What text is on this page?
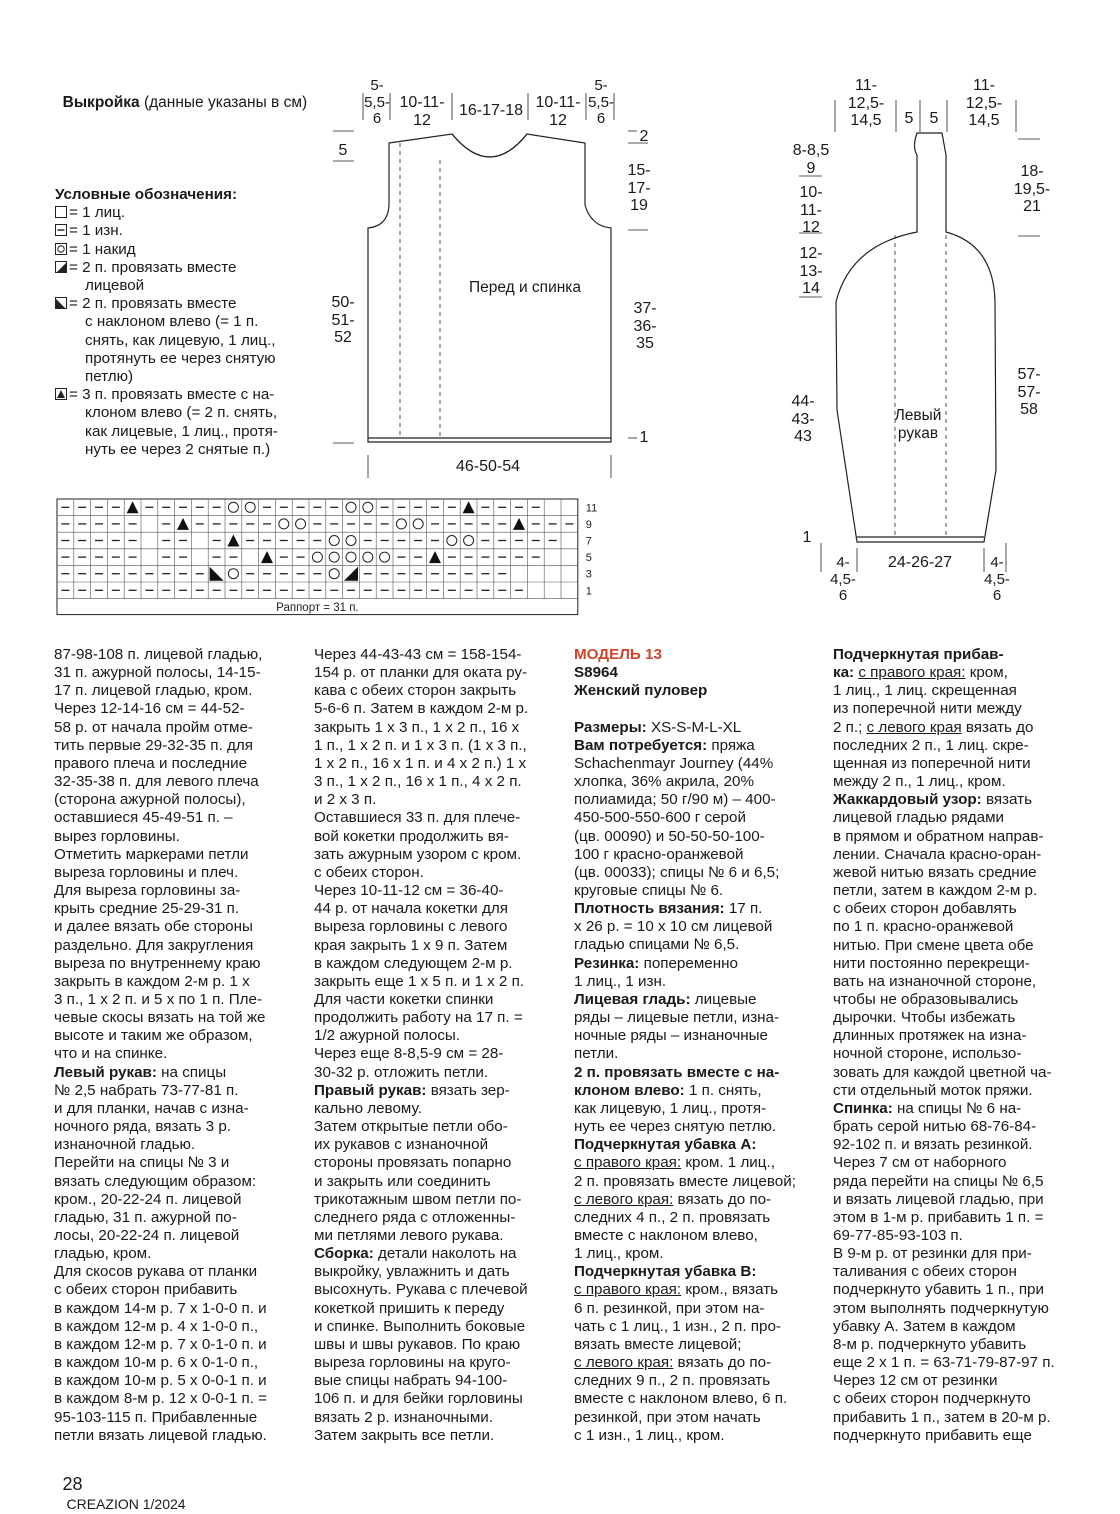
Выкройка (данные указаны в см)

Условные обозначения:

= 1 лиц.

= 1 изн.

= 1 накид

= 2 п. провязать вместе

лицевой

= 2 п. провязать вместе

с наклоном влево (= 1 п.

снять, как лицевую, 1 лиц.,

протянуть ее через снятую

петлю)

= 3 п. провязать вместе с на-

клоном влево (= 2 п. снять,

как лицевые, 1 лиц., протя-

нуть ее через 2 снятые п.)

5-
5,5-
6
10-11-
12
16-17-18 10-11-
12
5-
5,5-
6
5
2
15-
17-
19
50-
51-
52
37-
36-
35
1
46-50-54
Перед и спинка
11-
12,5-
14,5	5 5
11-
12,5-
14,5
8-8,5
9
10-
11-
12
12-
13-
14
18-
19,5-
21
44-
43-
43
57-
57-
58
1
24-26-27
4-
4,5-
6
4-
4,5-
6
Левый
рукав
11
9
7
5
3
1
Раппорт = 31 п.

87-98-108 п. лицевой гладью,

31 п. ажурной полосы, 14-15-

17 п. лицевой гладью, кром.

Через 12-14-16 см = 44-52-

58 р. от начала пройм отме-

тить первые 29-32-35 п. для

правого плеча и последние

32-35-38 п. для левого плеча

(сторона ажурной полосы),

оставшиеся 45-49-51 п. –

вырез горловины.

Отметить маркерами петли

выреза горловины и плеч.

Для выреза горловины за-

крыть средние 25-29-31 п.

и далее вязать обе стороны

раздельно. Для закругления

выреза по внутреннему краю

закрыть в каждом 2-м р. 1 х

3 п., 1 х 2 п. и 5 х по 1 п. Пле-

чевые скосы вязать на той же

высоте и таким же образом,

что и на спинке.

Левый рукав: на спицы

№ 2,5 набрать 73-77-81 п.

и для планки, начав с изна-

ночного ряда, вязать 3 р.

изнаночной гладью.

Перейти на спицы № 3 и

вязать следующим образом:

кром., 20-22-24 п. лицевой

гладью, 31 п. ажурной по-

лосы, 20-22-24 п. лицевой

гладью, кром.

Для скосов рукава от планки

с обеих сторон прибавить

в каждом 14-м р. 7 х 1-0-0 п. и

в каждом 12-м р. 4 х 1-0-0 п.,

в каждом 12-м р. 7 х 0-1-0 п. и

в каждом 10-м р. 6 х 0-1-0 п.,

в каждом 10-м р. 5 х 0-0-1 п. и

в каждом 8-м р. 12 х 0-0-1 п. =

95-103-115 п. Прибавленные

петли вязать лицевой гладью.

Через 44-43-43 см = 158-154-

154 р. от планки для оката ру-

кава с обеих сторон закрыть

5-6-6 п. Затем в каждом 2-м р.

закрыть 1 х 3 п., 1 х 2 п., 16 х

1 п., 1 х 2 п. и 1 х 3 п. (1 х 3 п.,

1 х 2 п., 16 х 1 п. и 4 х 2 п.) 1 х

3 п., 1 х 2 п., 16 х 1 п., 4 х 2 п.

и 2 х 3 п.

Оставшиеся 33 п. для плече-

вой кокетки продолжить вя-

зать ажурным узором с кром.

с обеих сторон.

Через 10-11-12 см = 36-40-

44 р. от начала кокетки для

выреза горловины с левого

края закрыть 1 х 9 п. Затем

в каждом следующем 2-м р.

закрыть еще 1 х 5 п. и 1 х 2 п.

Для части кокетки спинки

продолжить работу на 17 п. =

1/2 ажурной полосы.

Через еще 8-8,5-9 см = 28-

30-32 р. отложить петли.

Правый рукав: вязать зер-

кально левому.

Затем открытые петли обо-

их рукавов с изнаночной

стороны провязать попарно

и закрыть или соединить

трикотажным швом петли по-

следнего ряда с отложенны-

ми петлями левого рукава.

Сборка: детали наколоть на

выкройку, увлажнить и дать

высохнуть. Рукава с плечевой

кокеткой пришить к переду

и спинке. Выполнить боковые

швы и швы рукавов. По краю

выреза горловины на круго-

вые спицы набрать 94-100-

106 п. и для бейки горловины

вязать 2 р. изнаночными.

Затем закрыть все петли.

МОДЕЛЬ 13

S8964

Женский пуловер

Размеры: XS-S-M-L-XL

Вам потребуется: пряжа

Schachenmayr Journey (44%

хлопка, 36% акрила, 20%

полиамида; 50 г/90 м) – 400-

450-500-550-600 г серой

(цв. 00090) и 50-50-50-100-

100 г красно-оранжевой

(цв. 00033); спицы № 6 и 6,5;

круговые спицы № 6.

Плотность вязания: 17 п.

х 26 р. = 10 х 10 см лицевой

гладью спицами № 6,5.

Резинка: попеременно

1 лиц., 1 изн.

Лицевая гладь: лицевые

ряды – лицевые петли, изна-

ночные ряды – изнаночные

петли.

2 п. провязать вместе с на-

клоном влево: 1 п. снять,

как лицевую, 1 лиц., протя-

нуть ее через снятую петлю.

Подчеркнутая убавка А:

с правого края: кром. 1 лиц.,

2 п. провязать вместе лицевой;

с левого края: вязать до по-

следних 4 п., 2 п. провязать

вместе с наклоном влево,

1 лиц., кром.

Подчеркнутая убавка В:

с правого края: кром., вязать

6 п. резинкой, при этом на-

чать с 1 лиц., 1 изн., 2 п. про-

вязать вместе лицевой;

с левого края: вязать до по-

следних 9 п., 2 п. провязать

вместе с наклоном влево, 6 п.

резинкой, при этом начать

с 1 изн., 1 лиц., кром.

Подчеркнутая прибав-

ка: с правого края: кром,

1 лиц., 1 лиц. скрещенная

из поперечной нити между

2 п.; с левого края вязать до

последних 2 п., 1 лиц. скре-

щенная из поперечной нити

между 2 п., 1 лиц., кром.

Жаккардовый узор: вязать

лицевой гладью рядами

в прямом и обратном направ-

лении. Сначала красно-оран-

жевой нитью вязать средние

петли, затем в каждом 2-м р.

с обеих сторон добавлять

по 1 п. красно-оранжевой

нитью. При смене цвета обе

нити постоянно перекрещи-

вать на изнаночной стороне,

чтобы не образовывались

дырочки. Чтобы избежать

длинных протяжек на изна-

ночной стороне, использо-

зовать для каждой цветной ча-

сти отдельный моток пряжи.

Спинка: на спицы № 6 на-

брать серой нитью 68-76-84-

92-102 п. и вязать резинкой.

Через 7 см от наборного

ряда перейти на спицы № 6,5

и вязать лицевой гладью, при

этом в 1-м р. прибавить 1 п. =

69-77-85-93-103 п.

В 9-м р. от резинки для при-

таливания с обеих сторон

подчеркнуто убавить 1 п., при

этом выполнять подчеркнутую

убавку А. Затем в каждом

8-м р. подчеркнуто убавить

еще 2 х 1 п. = 63-71-79-87-97 п.

Через 12 см от резинки

с обеих сторон подчеркнуто

прибавить 1 п., затем в 20-м р.

подчеркнуто прибавить еще

28
CREAZION 1/2024
